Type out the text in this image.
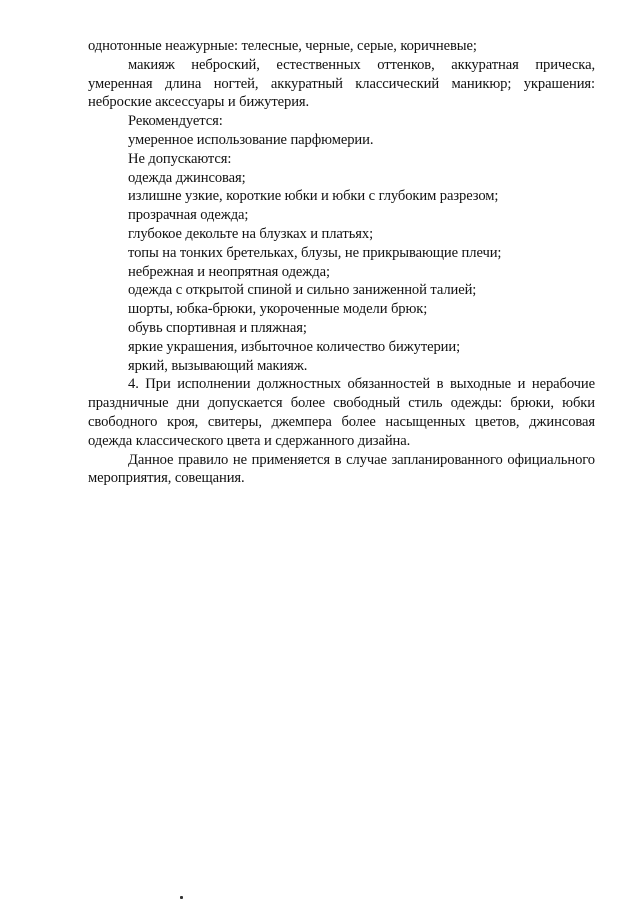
однотонные неажурные: телесные, черные, серые, коричневые;

макияж неброский, естественных оттенков, аккуратная прическа, умеренная длина ногтей, аккуратный классический маникюр; украшения: неброские аксессуары и бижутерия.

Рекомендуется:

умеренное использование парфюмерии.

Не допускаются:

одежда джинсовая;

излишне узкие, короткие юбки и юбки с глубоким разрезом;

прозрачная одежда;

глубокое декольте на блузках и платьях;

топы на тонких бретельках, блузы, не прикрывающие плечи;

небрежная и неопрятная одежда;

одежда с открытой спиной и сильно заниженной талией;

шорты, юбка-брюки, укороченные модели брюк;

обувь спортивная и пляжная;

яркие украшения, избыточное количество бижутерии;

яркий, вызывающий макияж.

4. При исполнении должностных обязанностей в выходные и нерабочие праздничные дни допускается более свободный стиль одежды: брюки, юбки свободного кроя, свитеры, джемпера более насыщенных цветов, джинсовая одежда классического цвета и сдержанного дизайна.

Данное правило не применяется в случае запланированного официального мероприятия, совещания.
